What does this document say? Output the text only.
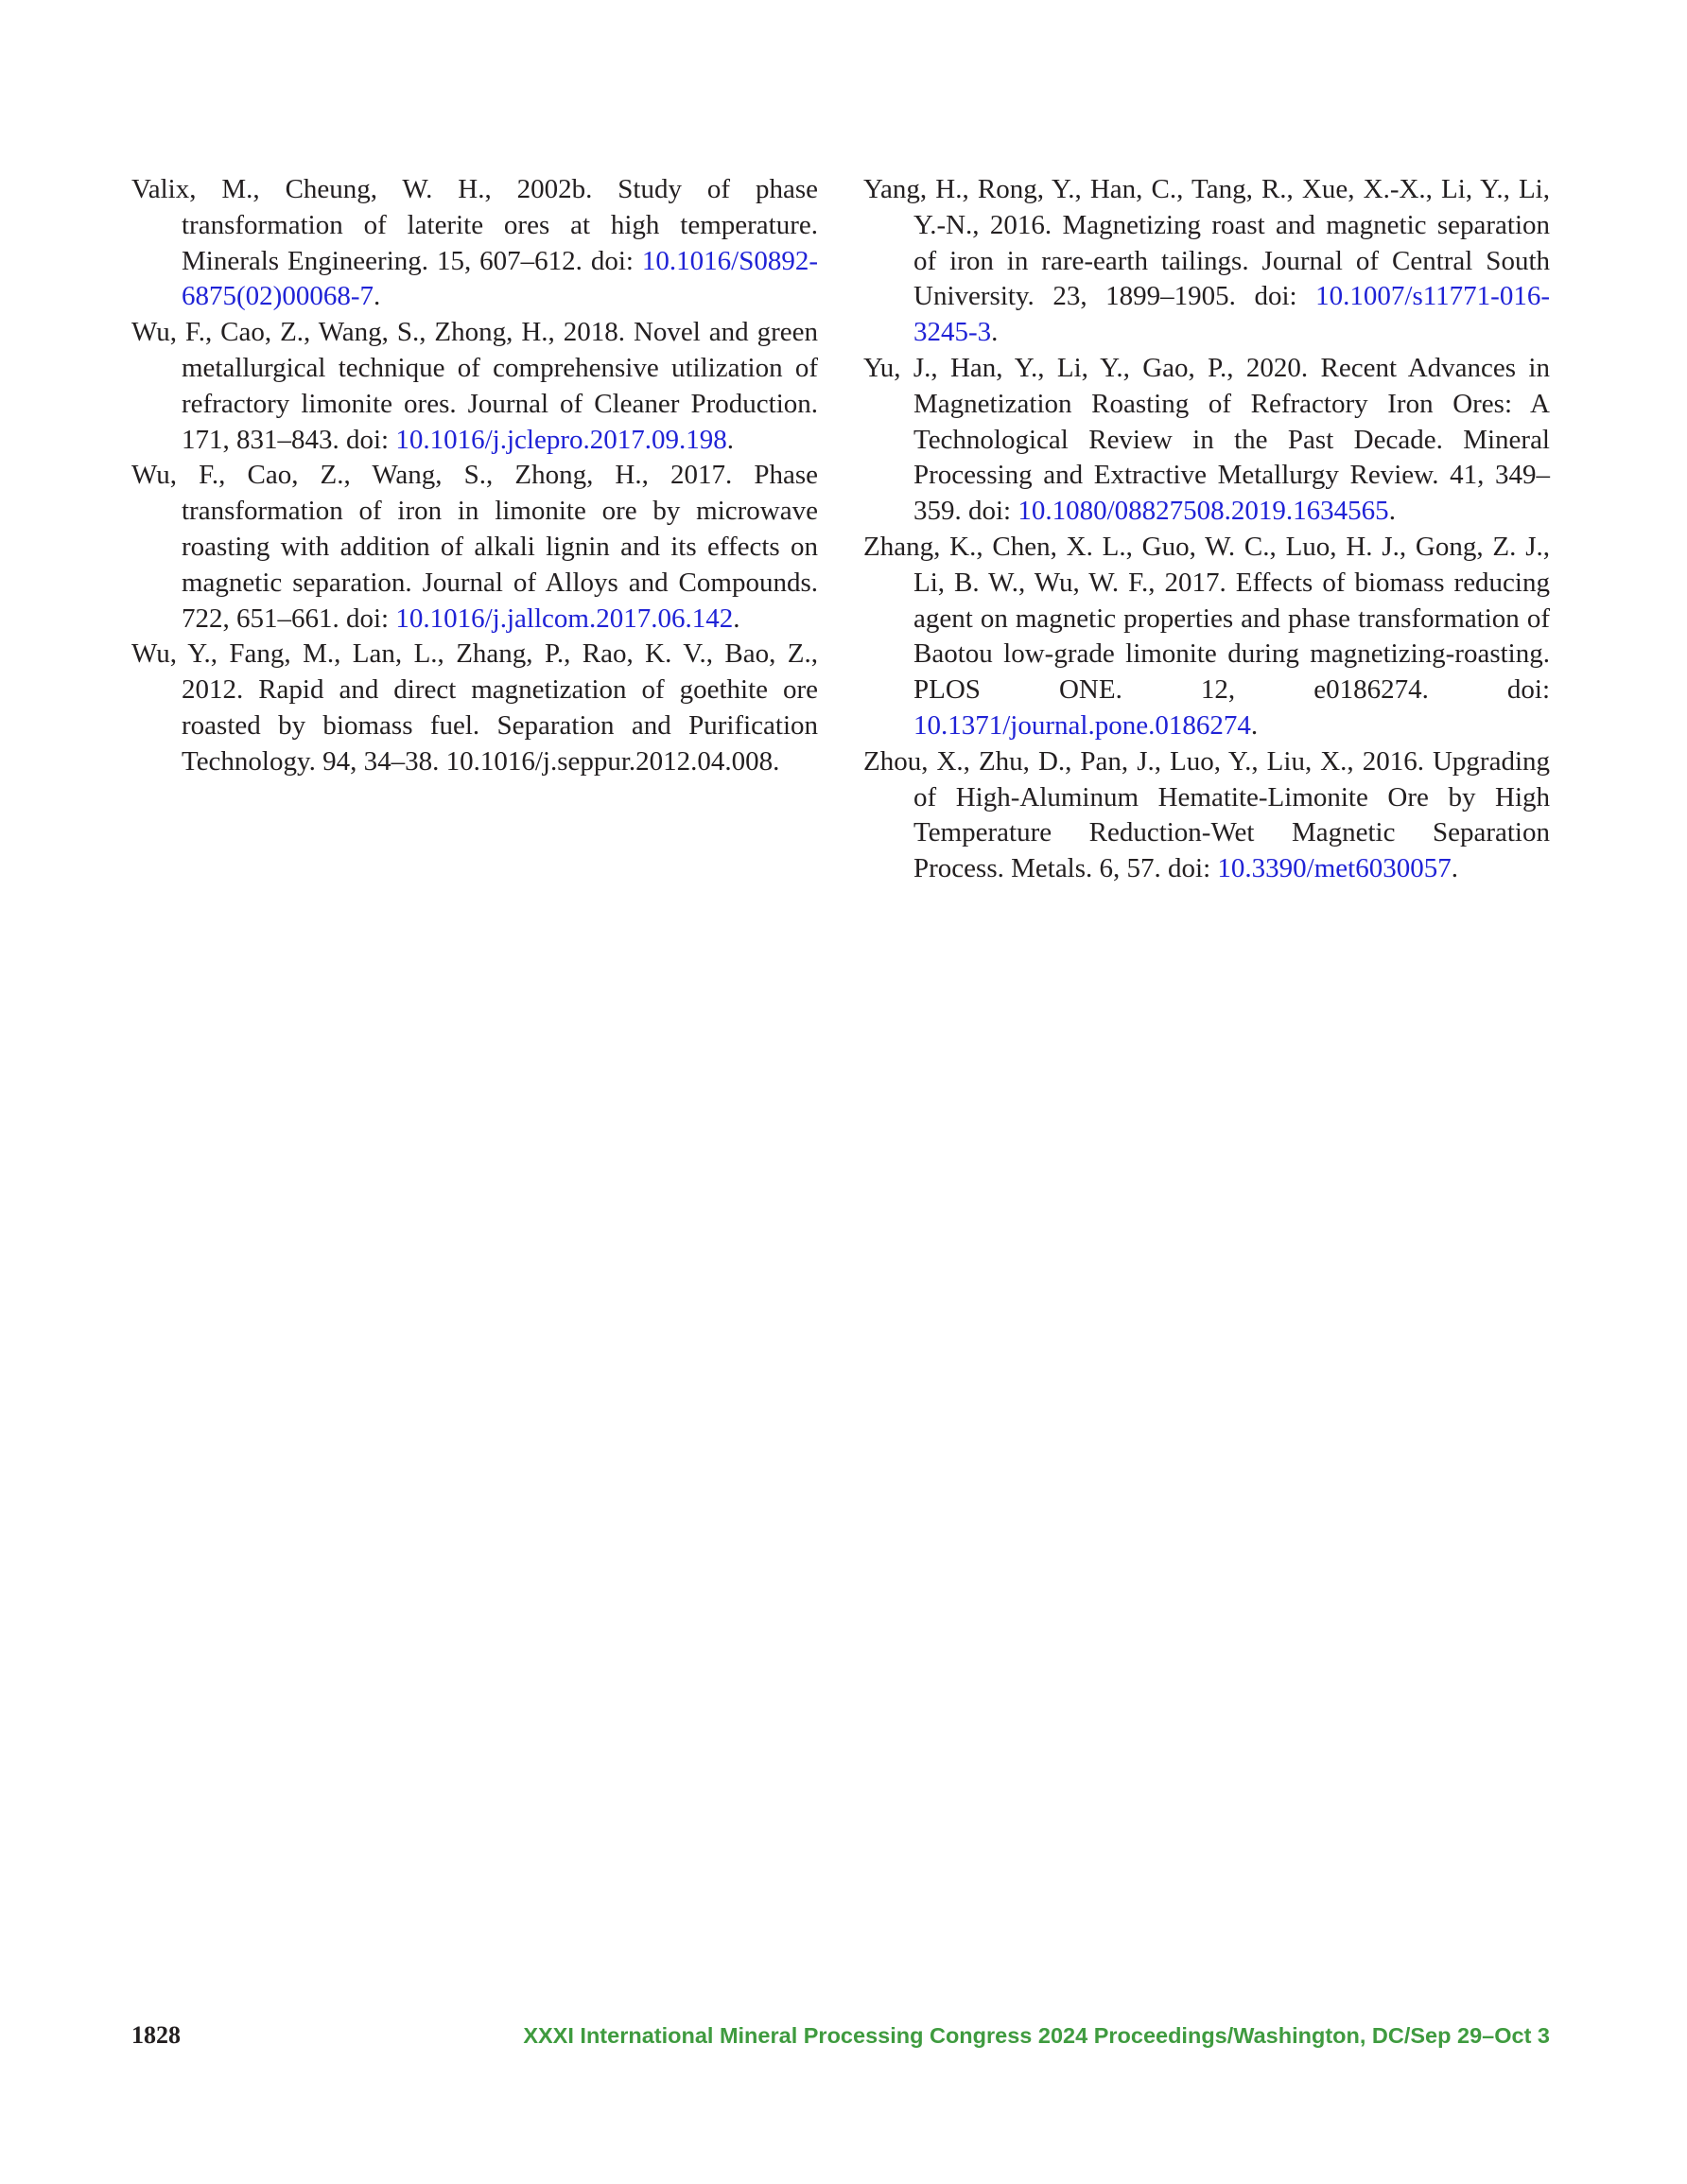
Valix, M., Cheung, W. H., 2002b. Study of phase transformation of laterite ores at high temperature. Minerals Engineering. 15, 607–612. doi: 10.1016/S0892-6875(02)00068-7.

Wu, F., Cao, Z., Wang, S., Zhong, H., 2018. Novel and green metallurgical technique of comprehensive utilization of refractory limonite ores. Journal of Cleaner Production. 171, 831–843. doi: 10.1016/j.jclepro.2017.09.198.

Wu, F., Cao, Z., Wang, S., Zhong, H., 2017. Phase transformation of iron in limonite ore by microwave roasting with addition of alkali lignin and its effects on magnetic separation. Journal of Alloys and Compounds. 722, 651–661. doi: 10.1016/j.jallcom.2017.06.142.

Wu, Y., Fang, M., Lan, L., Zhang, P., Rao, K. V., Bao, Z., 2012. Rapid and direct magnetization of goethite ore roasted by biomass fuel. Separation and Purification Technology. 94, 34–38. 10.1016/j.seppur.2012.04.008.

Yang, H., Rong, Y., Han, C., Tang, R., Xue, X.-X., Li, Y., Li, Y.-N., 2016. Magnetizing roast and magnetic separation of iron in rare-earth tailings. Journal of Central South University. 23, 1899–1905. doi: 10.1007/s11771-016-3245-3.

Yu, J., Han, Y., Li, Y., Gao, P., 2020. Recent Advances in Magnetization Roasting of Refractory Iron Ores: A Technological Review in the Past Decade. Mineral Processing and Extractive Metallurgy Review. 41, 349–359. doi: 10.1080/08827508.2019.1634565.

Zhang, K., Chen, X. L., Guo, W. C., Luo, H. J., Gong, Z. J., Li, B. W., Wu, W. F., 2017. Effects of biomass reducing agent on magnetic properties and phase transformation of Baotou low-grade limonite during magnetizing-roasting. PLOS ONE. 12, e0186274. doi: 10.1371/journal.pone.0186274.

Zhou, X., Zhu, D., Pan, J., Luo, Y., Liu, X., 2016. Upgrading of High-Aluminum Hematite-Limonite Ore by High Temperature Reduction-Wet Magnetic Separation Process. Metals. 6, 57. doi: 10.3390/met6030057.

1828	XXXI International Mineral Processing Congress 2024 Proceedings/Washington, DC/Sep 29–Oct 3
